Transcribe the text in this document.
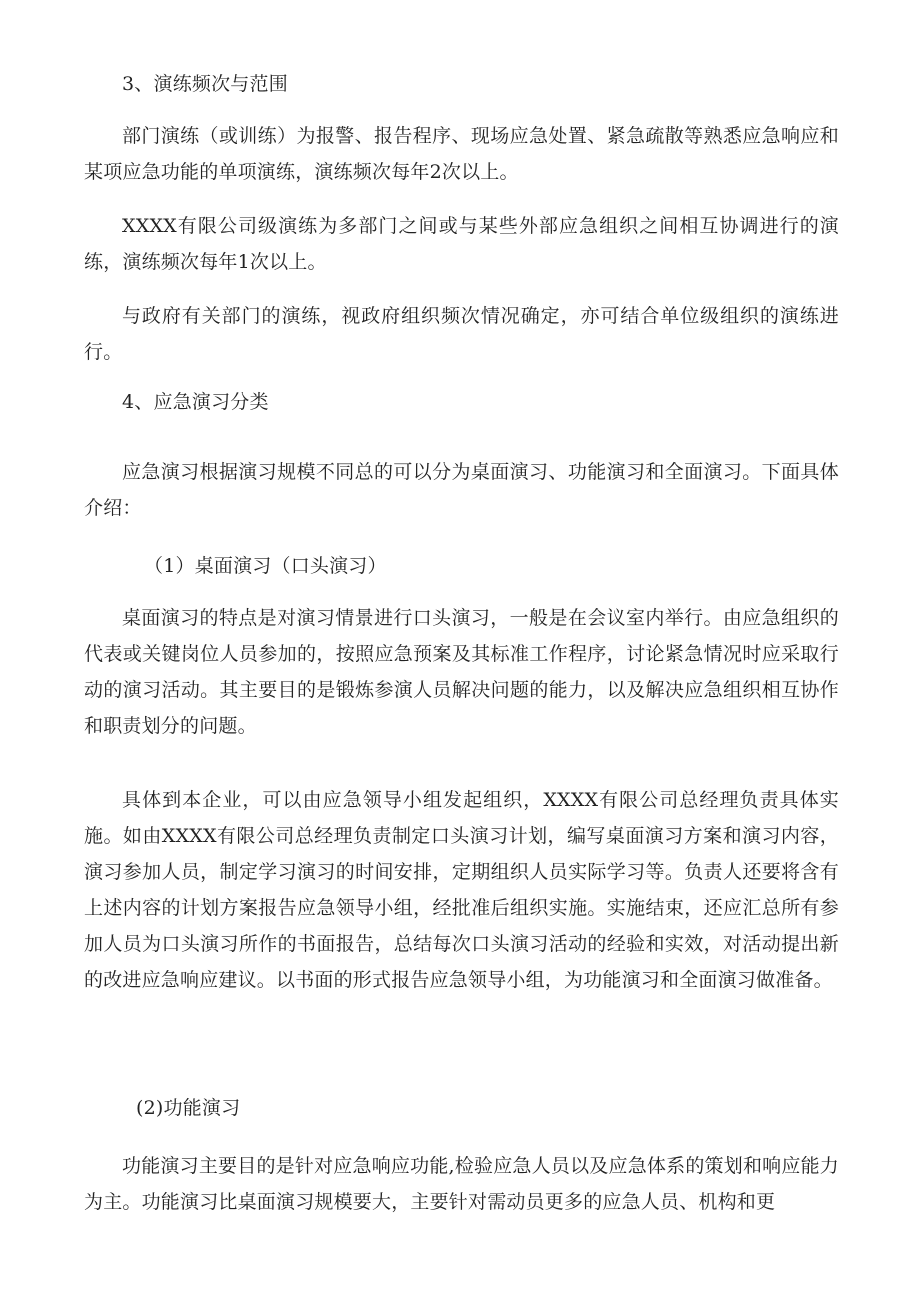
3、演练频次与范围

部门演练（或训练）为报警、报告程序、现场应急处置、紧急疏散等熟悉应急响应和某项应急功能的单项演练，演练频次每年2次以上。

XXXX有限公司级演练为多部门之间或与某些外部应急组织之间相互协调进行的演练，演练频次每年1次以上。

与政府有关部门的演练，视政府组织频次情况确定，亦可结合单位级组织的演练进行。

4、应急演习分类

应急演习根据演习规模不同总的可以分为桌面演习、功能演习和全面演习。下面具体介绍：

（1）桌面演习（口头演习）

桌面演习的特点是对演习情景进行口头演习，一般是在会议室内举行。由应急组织的代表或关键岗位人员参加的，按照应急预案及其标准工作程序，讨论紧急情况时应采取行动的演习活动。其主要目的是锻炼参演人员解决问题的能力，以及解决应急组织相互协作和职责划分的问题。

具体到本企业，可以由应急领导小组发起组织，XXXX有限公司总经理负责具体实施。如由XXXX有限公司总经理负责制定口头演习计划，编写桌面演习方案和演习内容，演习参加人员，制定学习演习的时间安排，定期组织人员实际学习等。负责人还要将含有上述内容的计划方案报告应急领导小组，经批准后组织实施。实施结束，还应汇总所有参加人员为口头演习所作的书面报告，总结每次口头演习活动的经验和实效，对活动提出新的改进应急响应建议。以书面的形式报告应急领导小组，为功能演习和全面演习做准备。

(2)功能演习

功能演习主要目的是针对应急响应功能,检验应急人员以及应急体系的策划和响应能力为主。功能演习比桌面演习规模要大，主要针对需动员更多的应急人员、机构和更
